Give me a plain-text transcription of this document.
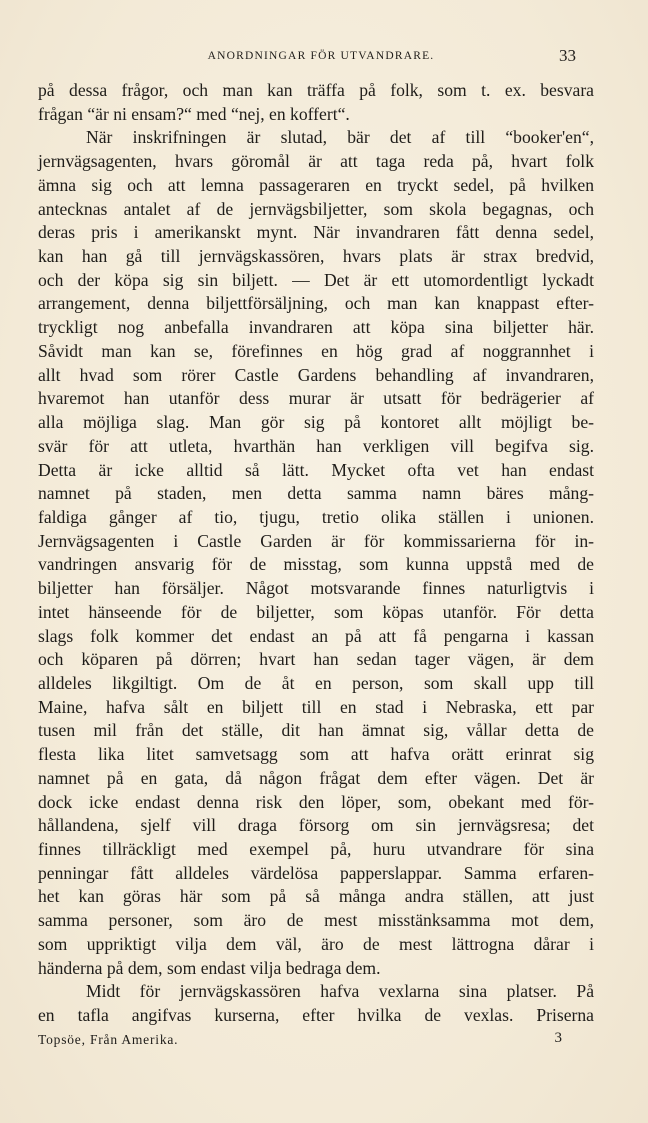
ANORDNINGAR FÖR UTVANDRARE.	33
på dessa frågor, och man kan träffa på folk, som t. ex. besvara
frågan “är ni ensam?“ med “nej, en koffert“.
När inskrifningen är slutad, bär det af till “booker'en“,
jernvägsagenten, hvars göromål är att taga reda på, hvart folk
ämna sig och att lemna passageraren en tryckt sedel, på hvilken
antecknas antalet af de jernvägsbiljetter, som skola begagnas, och
deras pris i amerikanskt mynt. När invandraren fått denna sedel,
kan han gå till jernvägskassören, hvars plats är strax bredvid,
och der köpa sig sin biljett. — Det är ett utomordentligt lyckadt
arrangement, denna biljettförsäljning, och man kan knappast efter-
tryckligt nog anbefalla invandraren att köpa sina biljetter här.
Såvidt man kan se, förefinnes en hög grad af noggrannhet i
allt hvad som rörer Castle Gardens behandling af invandraren,
hvaremot han utanför dess murar är utsatt för bedrägerier af
alla möjliga slag. Man gör sig på kontoret allt möjligt be-
svär för att utleta, hvarthän han verkligen vill begifva sig.
Detta är icke alltid så lätt. Mycket ofta vet han endast
namnet på staden, men detta samma namn bäres mång-
faldiga gånger af tio, tjugu, tretio olika ställen i unionen.
Jernvägsagenten i Castle Garden är för kommissarierna för in-
vandringen ansvarig för de misstag, som kunna uppstå med de
biljetter han försäljer. Något motsvarande finnes naturligtvis i
intet hänseende för de biljetter, som köpas utanför. För detta
slags folk kommer det endast an på att få pengarna i kassan
och köparen på dörren; hvart han sedan tager vägen, är dem
alldeles likgiltigt. Om de åt en person, som skall upp till
Maine, hafva sålt en biljett till en stad i Nebraska, ett par
tusen mil från det ställe, dit han ämnat sig, vållar detta de
flesta lika litet samvetsagg som att hafva orätt erinrat sig
namnet på en gata, då någon frågat dem efter vägen. Det är
dock icke endast denna risk den löper, som, obekant med för-
hållandena, sjelf vill draga försorg om sin jernvägsresa; det
finnes tillräckligt med exempel på, huru utvandrare för sina
penningar fått alldeles värdelösa papperslappar. Samma erfaren-
het kan göras här som på så många andra ställen, att just
samma personer, som äro de mest misstänksamma mot dem,
som uppriktigt vilja dem väl, äro de mest lättrogna dårar i
händerna på dem, som endast vilja bedraga dem.
Midt för jernvägskassören hafva vexlarna sina platser. På
en tafla angifvas kurserna, efter hvilka de vexlas. Priserna
Topsöe, Från Amerika.	3
